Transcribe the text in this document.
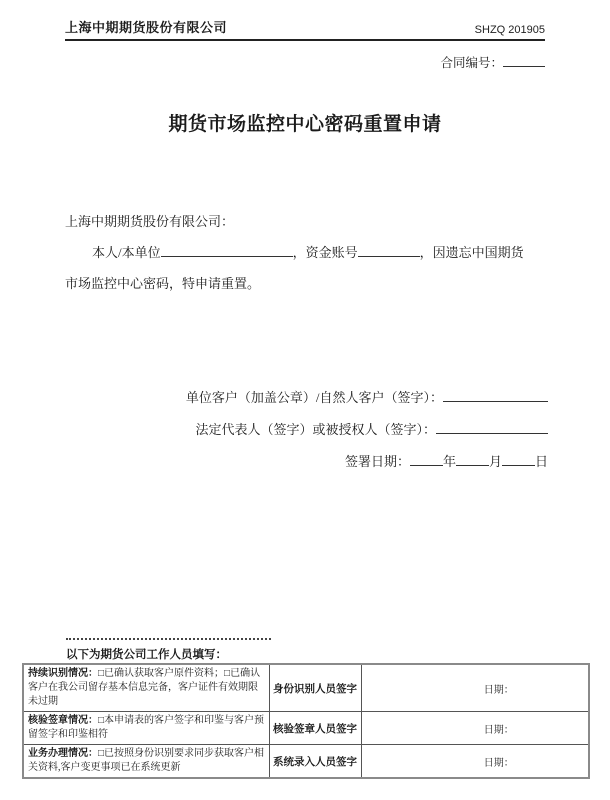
上海中期期货股份有限公司	SHZQ 201905
合同编号：
期货市场监控中心密码重置申请
上海中期期货股份有限公司：
本人/本单位	，资金账号	，因遗忘中国期货
市场监控中心密码，特申请重置。
单位客户（加盖公章）/自然人客户（签字）：
法定代表人（签字）或被授权人（签字）：
签署日期：	年	月	日
以下为期货公司工作人员填写：
持续识别情况：□已确认获取客户原件资料；□已确认客户在我公司留存基本信息完备，客户证件有效期限未过期	身份识别人员签字	日期：
核验签章情况：□本申请表的客户签字和印鉴与客户预留签字和印鉴相符	核验签章人员签字	日期：
业务办理情况：□已按照身份识别要求同步获取客户相关资料,客户变更事项已在系统更新	系统录入人员签字	日期：
